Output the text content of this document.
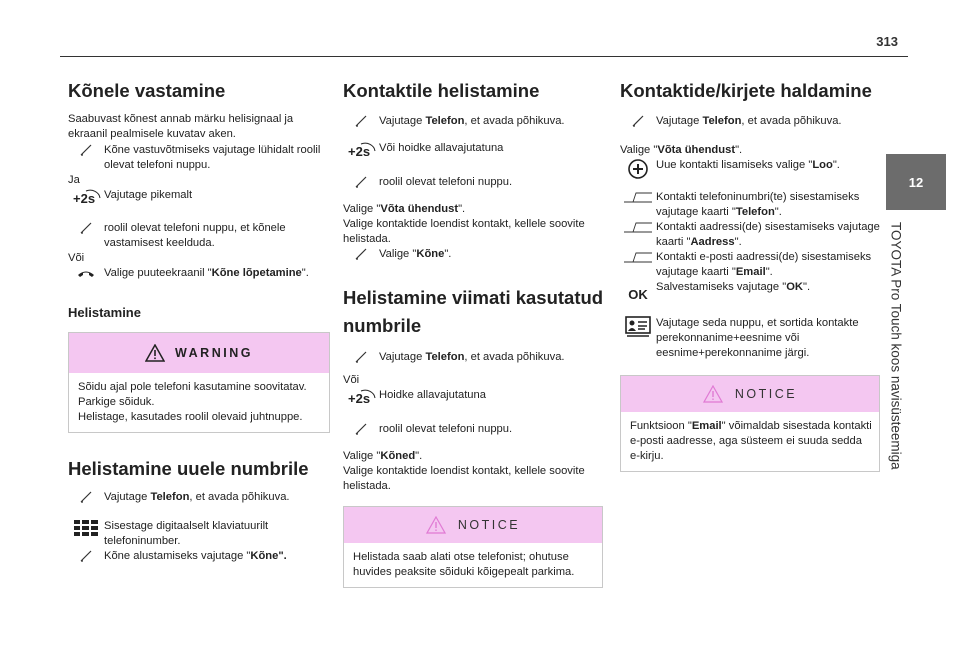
313
12
TOYOTA Pro Touch koos navisüsteemiga
Kõnele vastamine

Saabuvast kõnest annab märku helisignaal ja ekraanil pealmisele kuvatav aken.

Kõne vastuvõtmiseks vajutage lühidalt roolil olevat telefoni nuppu.

Ja

+2s Vajutage pikemalt
roolil olevat telefoni nuppu, et kõnele vastamisest keelduda.

Või

Valige puuteekraanil "Kõne lõpetamine".
Helistamine
WARNING
Sõidu ajal pole telefoni kasutamine soovitatav. Parkige sõiduk.
Helistage, kasutades roolil olevaid juhtnuppe.
Helistamine uuele numbrile
Vajutage Telefon, et avada põhikuva.
Sisestage digitaalselt klaviatuurilt telefoninumber.
Kõne alustamiseks vajutage "Kõne".
Kontaktile helistamine
Vajutage Telefon, et avada põhikuva.
+2s Või hoidke allavajutatuna
roolil olevat telefoni nuppu.

Valige "Võta ühendust".

Valige kontaktide loendist kontakt, kellele soovite helistada.

Valige "Kõne".
Helistamine viimati kasutatud numbrile
Vajutage Telefon, et avada põhikuva.

Või

+2s Hoidke allavajutatuna
roolil olevat telefoni nuppu.

Valige "Kõned".

Valige kontaktide loendist kontakt, kellele soovite helistada.

NOTICE
Helistada saab alati otse telefonist; ohutuse huvides peaksite sõiduki kõigepealt parkima.
Kontaktide/kirjete haldamine
Vajutage Telefon, et avada põhikuva.

Valige "Võta ühendust".

Uue kontakti lisamiseks valige "Loo".
Kontakti telefoninumbri(te) sisestamiseks vajutage kaarti "Telefon".
Kontakti aadressi(de) sisestamiseks vajutage kaarti "Aadress".
Kontakti e-posti aadressi(de) sisestamiseks vajutage kaarti "Email".
OK Salvestamiseks vajutage "OK".
Vajutage seda nuppu, et sortida kontakte perekonnanime+eesnime või eesnime+perekonnanime järgi.
NOTICE
Funktsioon "Email" võimaldab sisestada kontakti e-posti aadresse, aga süsteem ei suuda sedda e-kirju.
